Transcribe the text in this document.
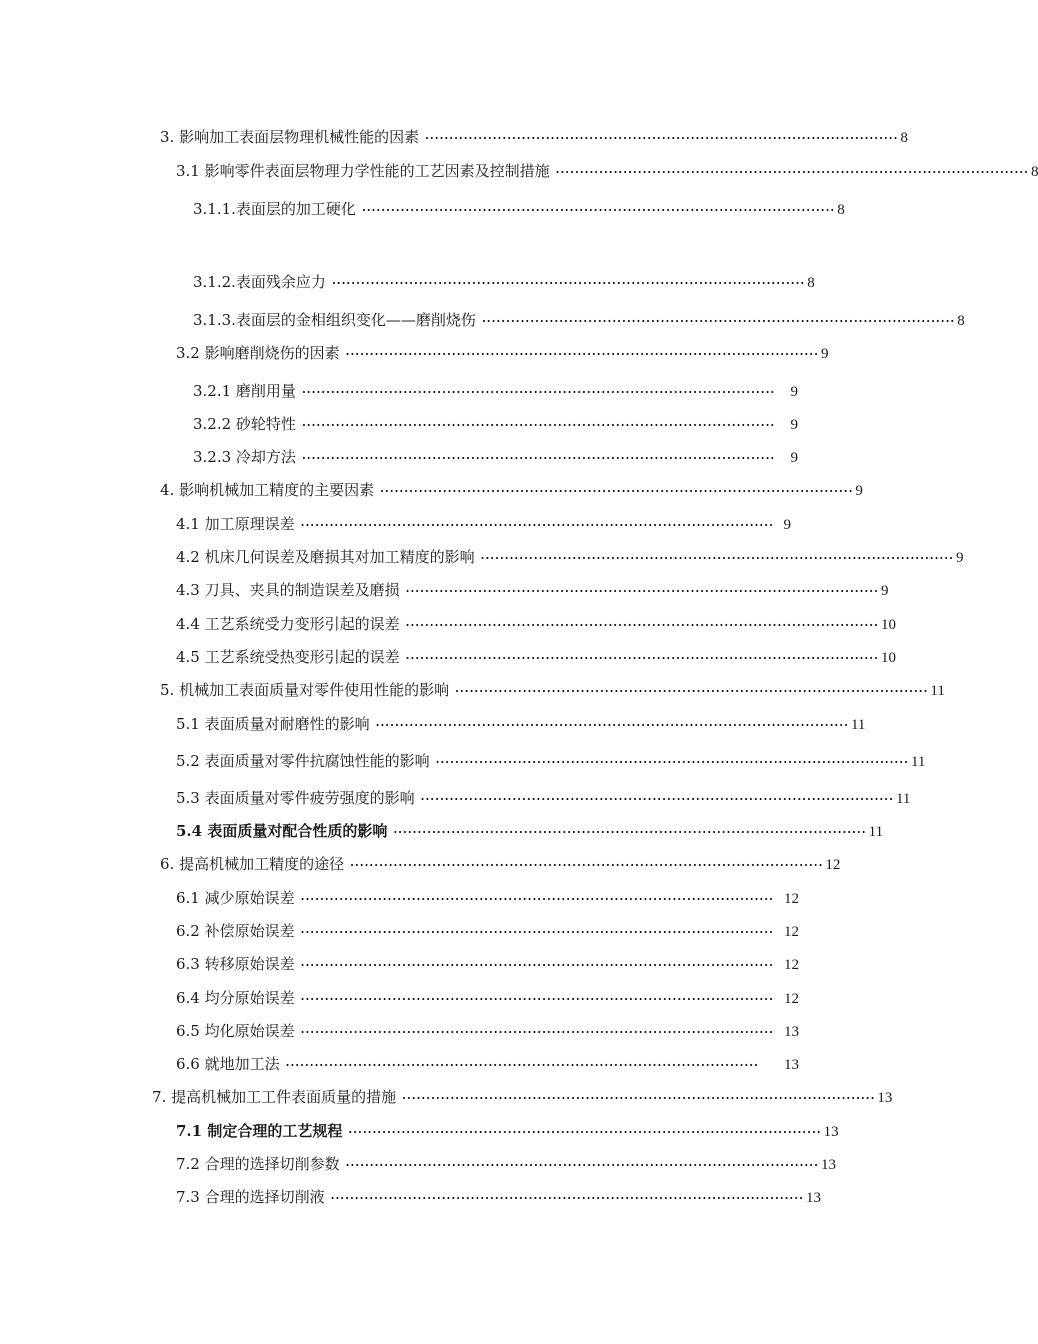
3. 影响加工表面层物理机械性能的因素 ·································································································· 8
3.1 影响零件表面层物理力学性能的工艺因素及控制措施 ·································································································· 8
3.1.1.表面层的加工硬化 ·································································································· 8
3.1.2.表面残余应力 ·································································································· 8
3.1.3.表面层的金相组织变化——磨削烧伤 ·································································································· 8
3.2 影响磨削烧伤的因素 ·································································································· 9
3.2.1 磨削用量 ··································································································	9
3.2.2 砂轮特性 ··································································································	9
3.2.3 冷却方法 ··································································································	9
4. 影响机械加工精度的主要因素 ·································································································· 9
4.1 加工原理误差 ·································································································· 9
4.2 机床几何误差及磨损其对加工精度的影响 ·································································································· 9
4.3 刀具、夹具的制造误差及磨损 ·································································································· 9
4.4 工艺系统受力变形引起的误差 ·································································································· 10
4.5 工艺系统受热变形引起的误差 ·································································································· 10
5. 机械加工表面质量对零件使用性能的影响 ·································································································· 11
5.1 表面质量对耐磨性的影响 ·································································································· 11
5.2 表面质量对零件抗腐蚀性能的影响 ·································································································· 11
5.3 表面质量对零件疲劳强度的影响 ·································································································· 11
5.4 表面质量对配合性质的影响 ·································································································· 11
6. 提高机械加工精度的途径 ·································································································· 12
6.1 减少原始误差 ·································································································· 12
6.2 补偿原始误差 ·································································································· 12
6.3 转移原始误差 ·································································································· 12
6.4 均分原始误差 ·································································································· 12
6.5 均化原始误差 ·································································································· 13
6.6 就地加工法 ··································································································	13
7. 提高机械加工工件表面质量的措施 ·································································································· 13
7.1 制定合理的工艺规程 ·································································································· 13
7.2 合理的选择切削参数 ·································································································· 13
7.3 合理的选择切削液 ·································································································· 13
